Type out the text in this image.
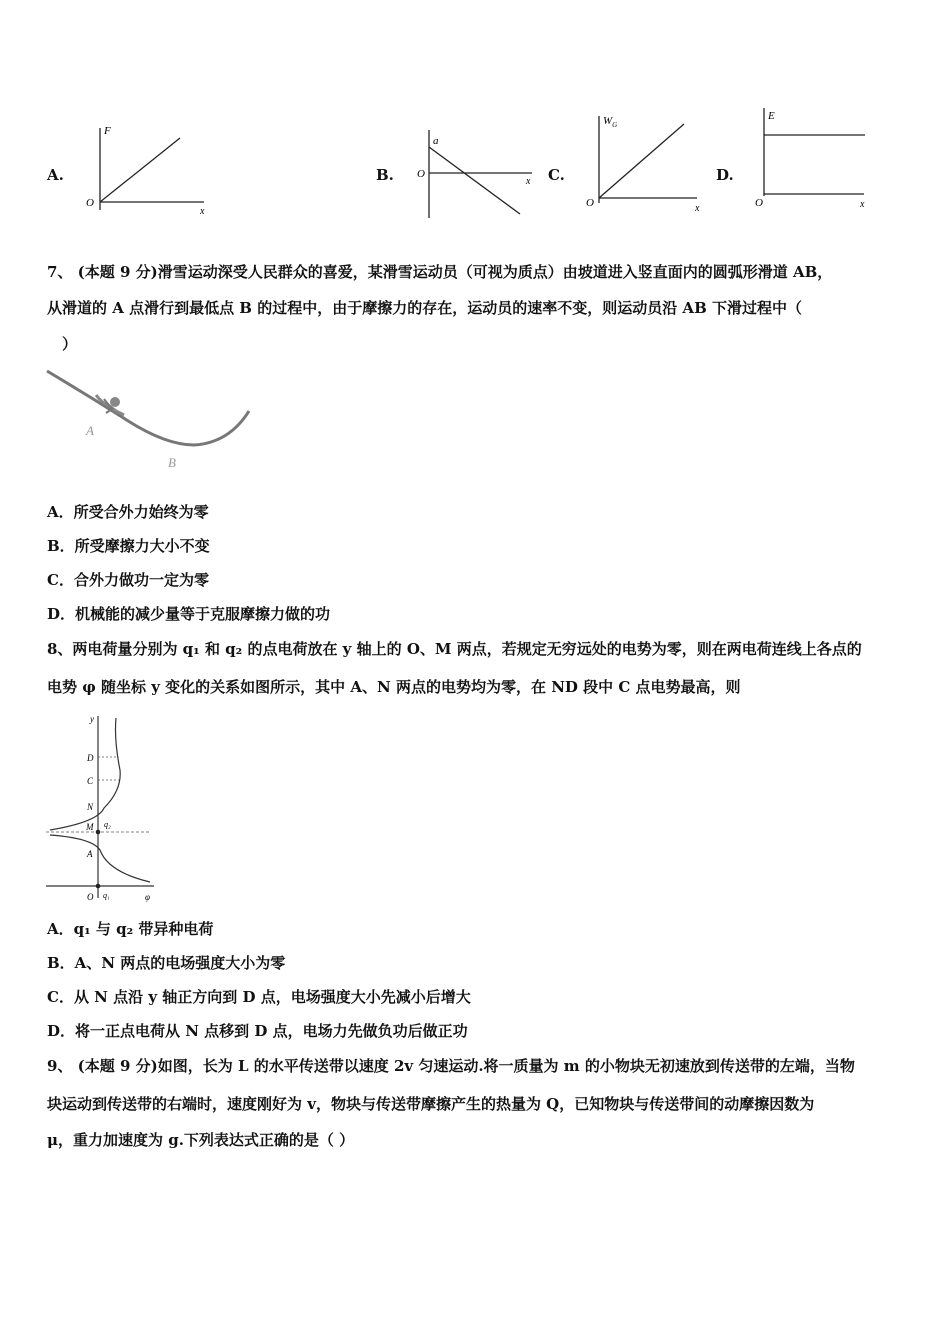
A.
F
O
x
B.
a
O
x C.
$W_G$
O	x
D.
E
O	x
7、 (本题 9 分)滑雪运动深受人民群众的喜爱，某滑雪运动员（可视为质点）由坡道进入竖直面内的圆弧形滑道 AB，
从滑道的 A 点滑行到最低点 B 的过程中，由于摩擦力的存在，运动员的速率不变，则运动员沿 AB 下滑过程中（
）
A
B
A．所受合外力始终为零
B．所受摩擦力大小不变
C．合外力做功一定为零
D．机械能的减少量等于克服摩擦力做的功
8、两电荷量分别为 q₁ 和 q₂ 的点电荷放在 y 轴上的 O、M 两点，若规定无穷远处的电势为零，则在两电荷连线上各点的
电势 φ 随坐标 y 变化的关系如图所示，其中 A、N 两点的电势均为零，在 ND 段中 C 点电势最高，则
y
φ
D
C
N
M
A
O
q₂
q₁
A．q₁ 与 q₂ 带异种电荷
B．A、N 两点的电场强度大小为零
C．从 N 点沿 y 轴正方向到 D 点，电场强度大小先减小后增大
D．将一正点电荷从 N 点移到 D 点，电场力先做负功后做正功
9、 (本题 9 分)如图，长为 L 的水平传送带以速度 2v 匀速运动.将一质量为 m 的小物块无初速放到传送带的左端，当物
块运动到传送带的右端时，速度刚好为 v，物块与传送带摩擦产生的热量为 Q，已知物块与传送带间的动摩擦因数为
μ，重力加速度为 g.下列表达式正确的是（ ）
